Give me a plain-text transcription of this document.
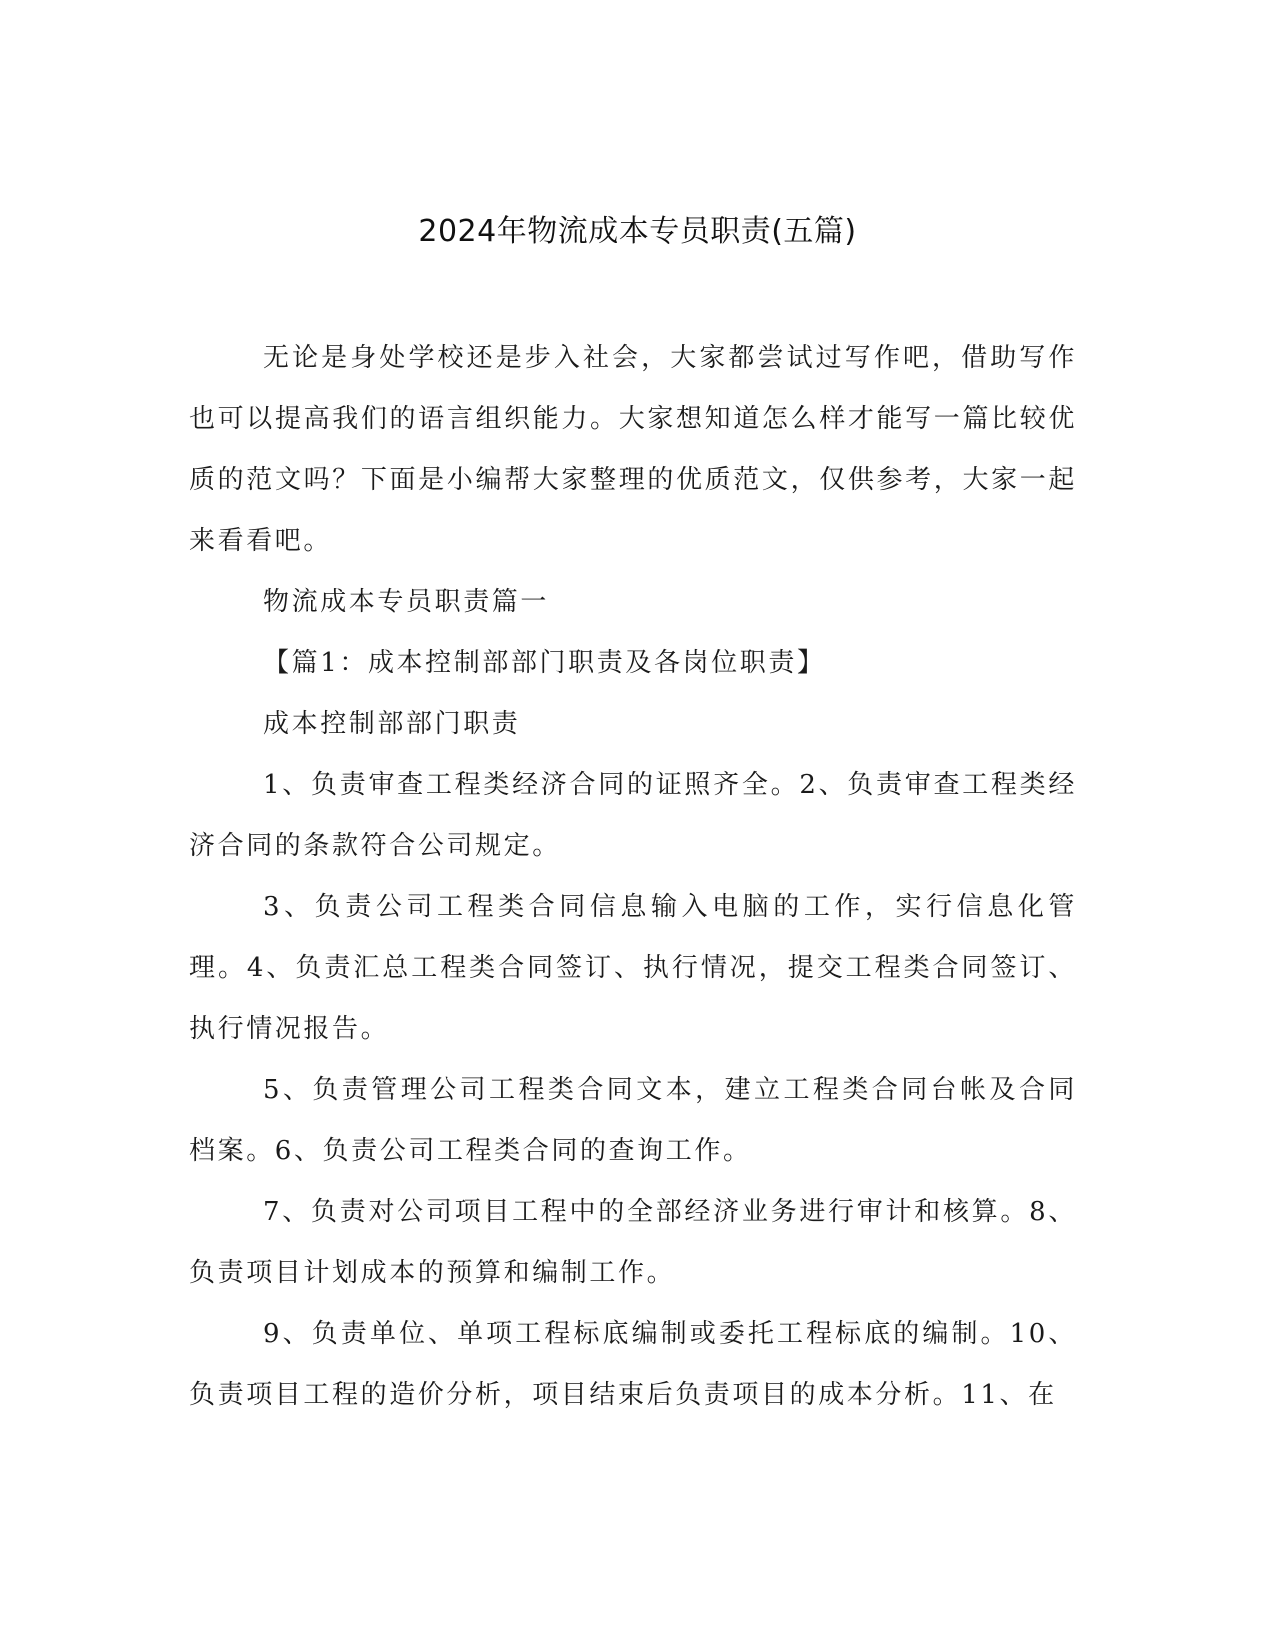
2024年物流成本专员职责(五篇)

无论是身处学校还是步入社会，大家都尝试过写作吧，借助写作也可以提高我们的语言组织能力。大家想知道怎么样才能写一篇比较优质的范文吗？下面是小编帮大家整理的优质范文，仅供参考，大家一起来看看吧。

物流成本专员职责篇一

【篇1：成本控制部部门职责及各岗位职责】

成本控制部部门职责

1、负责审查工程类经济合同的证照齐全。2、负责审查工程类经济合同的条款符合公司规定。

3、负责公司工程类合同信息输入电脑的工作，实行信息化管理。4、负责汇总工程类合同签订、执行情况，提交工程类合同签订、执行情况报告。

5、负责管理公司工程类合同文本，建立工程类合同台帐及合同档案。6、负责公司工程类合同的查询工作。

7、负责对公司项目工程中的全部经济业务进行审计和核算。8、负责项目计划成本的预算和编制工作。

9、负责单位、单项工程标底编制或委托工程标底的编制。10、负责项目工程的造价分析，项目结束后负责项目的成本分析。11、在
